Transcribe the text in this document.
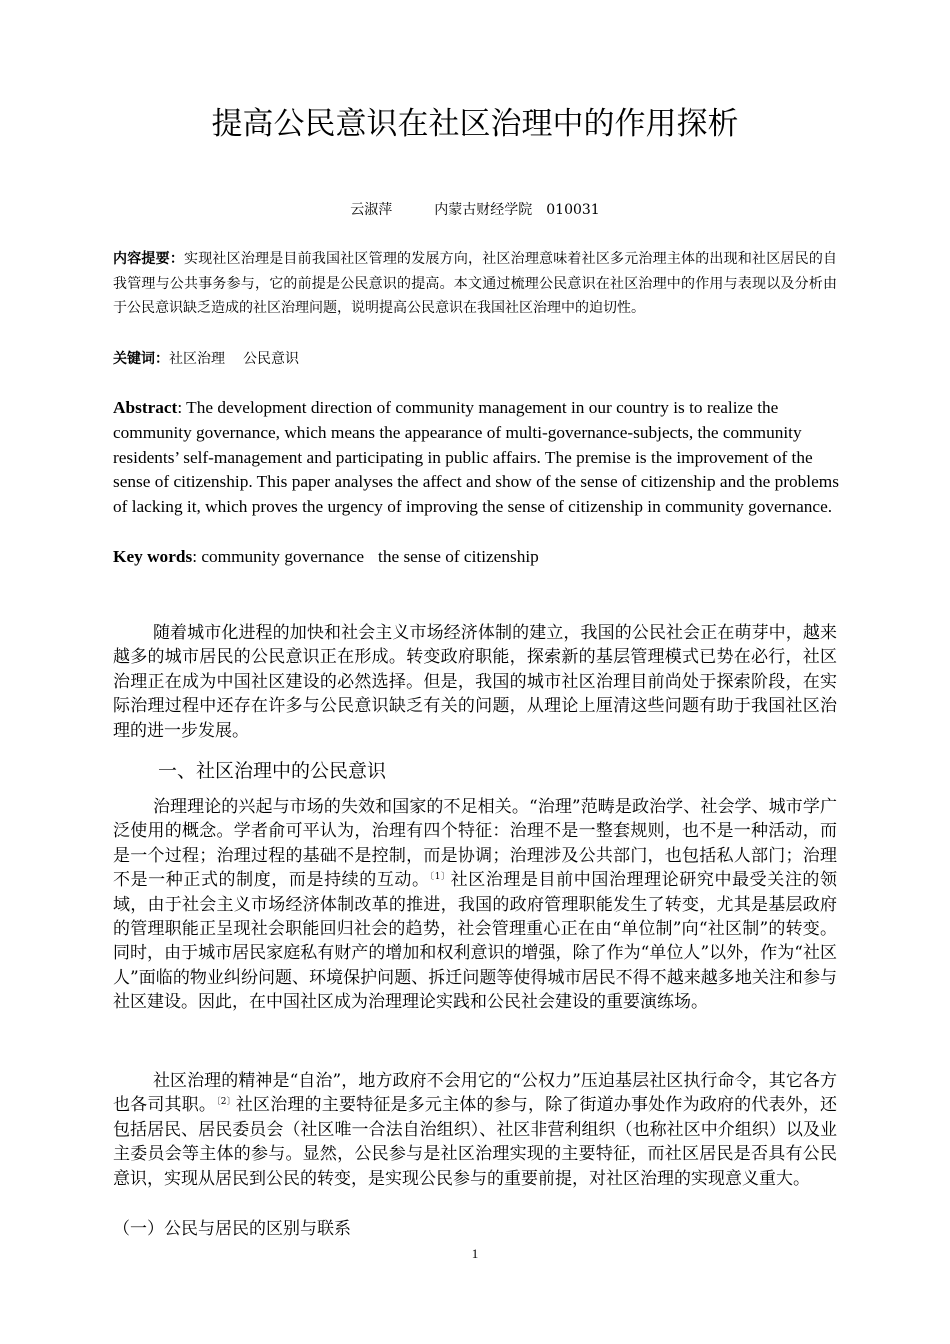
提高公民意识在社区治理中的作用探析
云淑萍	内蒙古财经学院 010031
内容提要：实现社区治理是目前我国社区管理的发展方向，社区治理意味着社区多元治理主体的出现和社区居民的自我管理与公共事务参与，它的前提是公民意识的提高。本文通过梳理公民意识在社区治理中的作用与表现以及分析由于公民意识缺乏造成的社区治理问题，说明提高公民意识在我国社区治理中的迫切性。
关键词：社区治理 公民意识
Abstract: The development direction of community management in our country is to realize the community governance, which means the appearance of multi-governance-subjects, the community residents’ self-management and participating in public affairs. The premise is the improvement of the sense of citizenship. This paper analyses the affect and show of the sense of citizenship and the problems of lacking it, which proves the urgency of improving the sense of citizenship in community governance.
Key words: community governance the sense of citizenship
随着城市化进程的加快和社会主义市场经济体制的建立，我国的公民社会正在萌芽中，越来越多的城市居民的公民意识正在形成。转变政府职能，探索新的基层管理模式已势在必行，社区治理正在成为中国社区建设的必然选择。但是，我国的城市社区治理目前尚处于探索阶段，在实际治理过程中还存在许多与公民意识缺乏有关的问题，从理论上厘清这些问题有助于我国社区治理的进一步发展。
一、社区治理中的公民意识
治理理论的兴起与市场的失效和国家的不足相关。“治理”范畴是政治学、社会学、城市学广泛使用的概念。学者俞可平认为，治理有四个特征：治理不是一整套规则，也不是一种活动，而是一个过程；治理过程的基础不是控制，而是协调；治理涉及公共部门，也包括私人部门；治理不是一种正式的制度，而是持续的互动。$^{〔1〕}$社区治理是目前中国治理理论研究中最受关注的领域，由于社会主义市场经济体制改革的推进，我国的政府管理职能发生了转变，尤其是基层政府的管理职能正呈现社会职能回归社会的趋势，社会管理重心正在由“单位制”向“社区制”的转变。同时，由于城市居民家庭私有财产的增加和权利意识的增强，除了作为“单位人”以外，作为“社区人”面临的物业纠纷问题、环境保护问题、拆迁问题等使得城市居民不得不越来越多地关注和参与社区建设。因此，在中国社区成为治理理论实践和公民社会建设的重要演练场。
社区治理的精神是“自治”，地方政府不会用它的“公权力”压迫基层社区执行命令，其它各方也各司其职。$^{〔2〕}$社区治理的主要特征是多元主体的参与，除了街道办事处作为政府的代表外，还包括居民、居民委员会（社区唯一合法自治组织）、社区非营利组织（也称社区中介组织）以及业主委员会等主体的参与。显然，公民参与是社区治理实现的主要特征，而社区居民是否具有公民意识，实现从居民到公民的转变，是实现公民参与的重要前提，对社区治理的实现意义重大。
（一）公民与居民的区别与联系
1
